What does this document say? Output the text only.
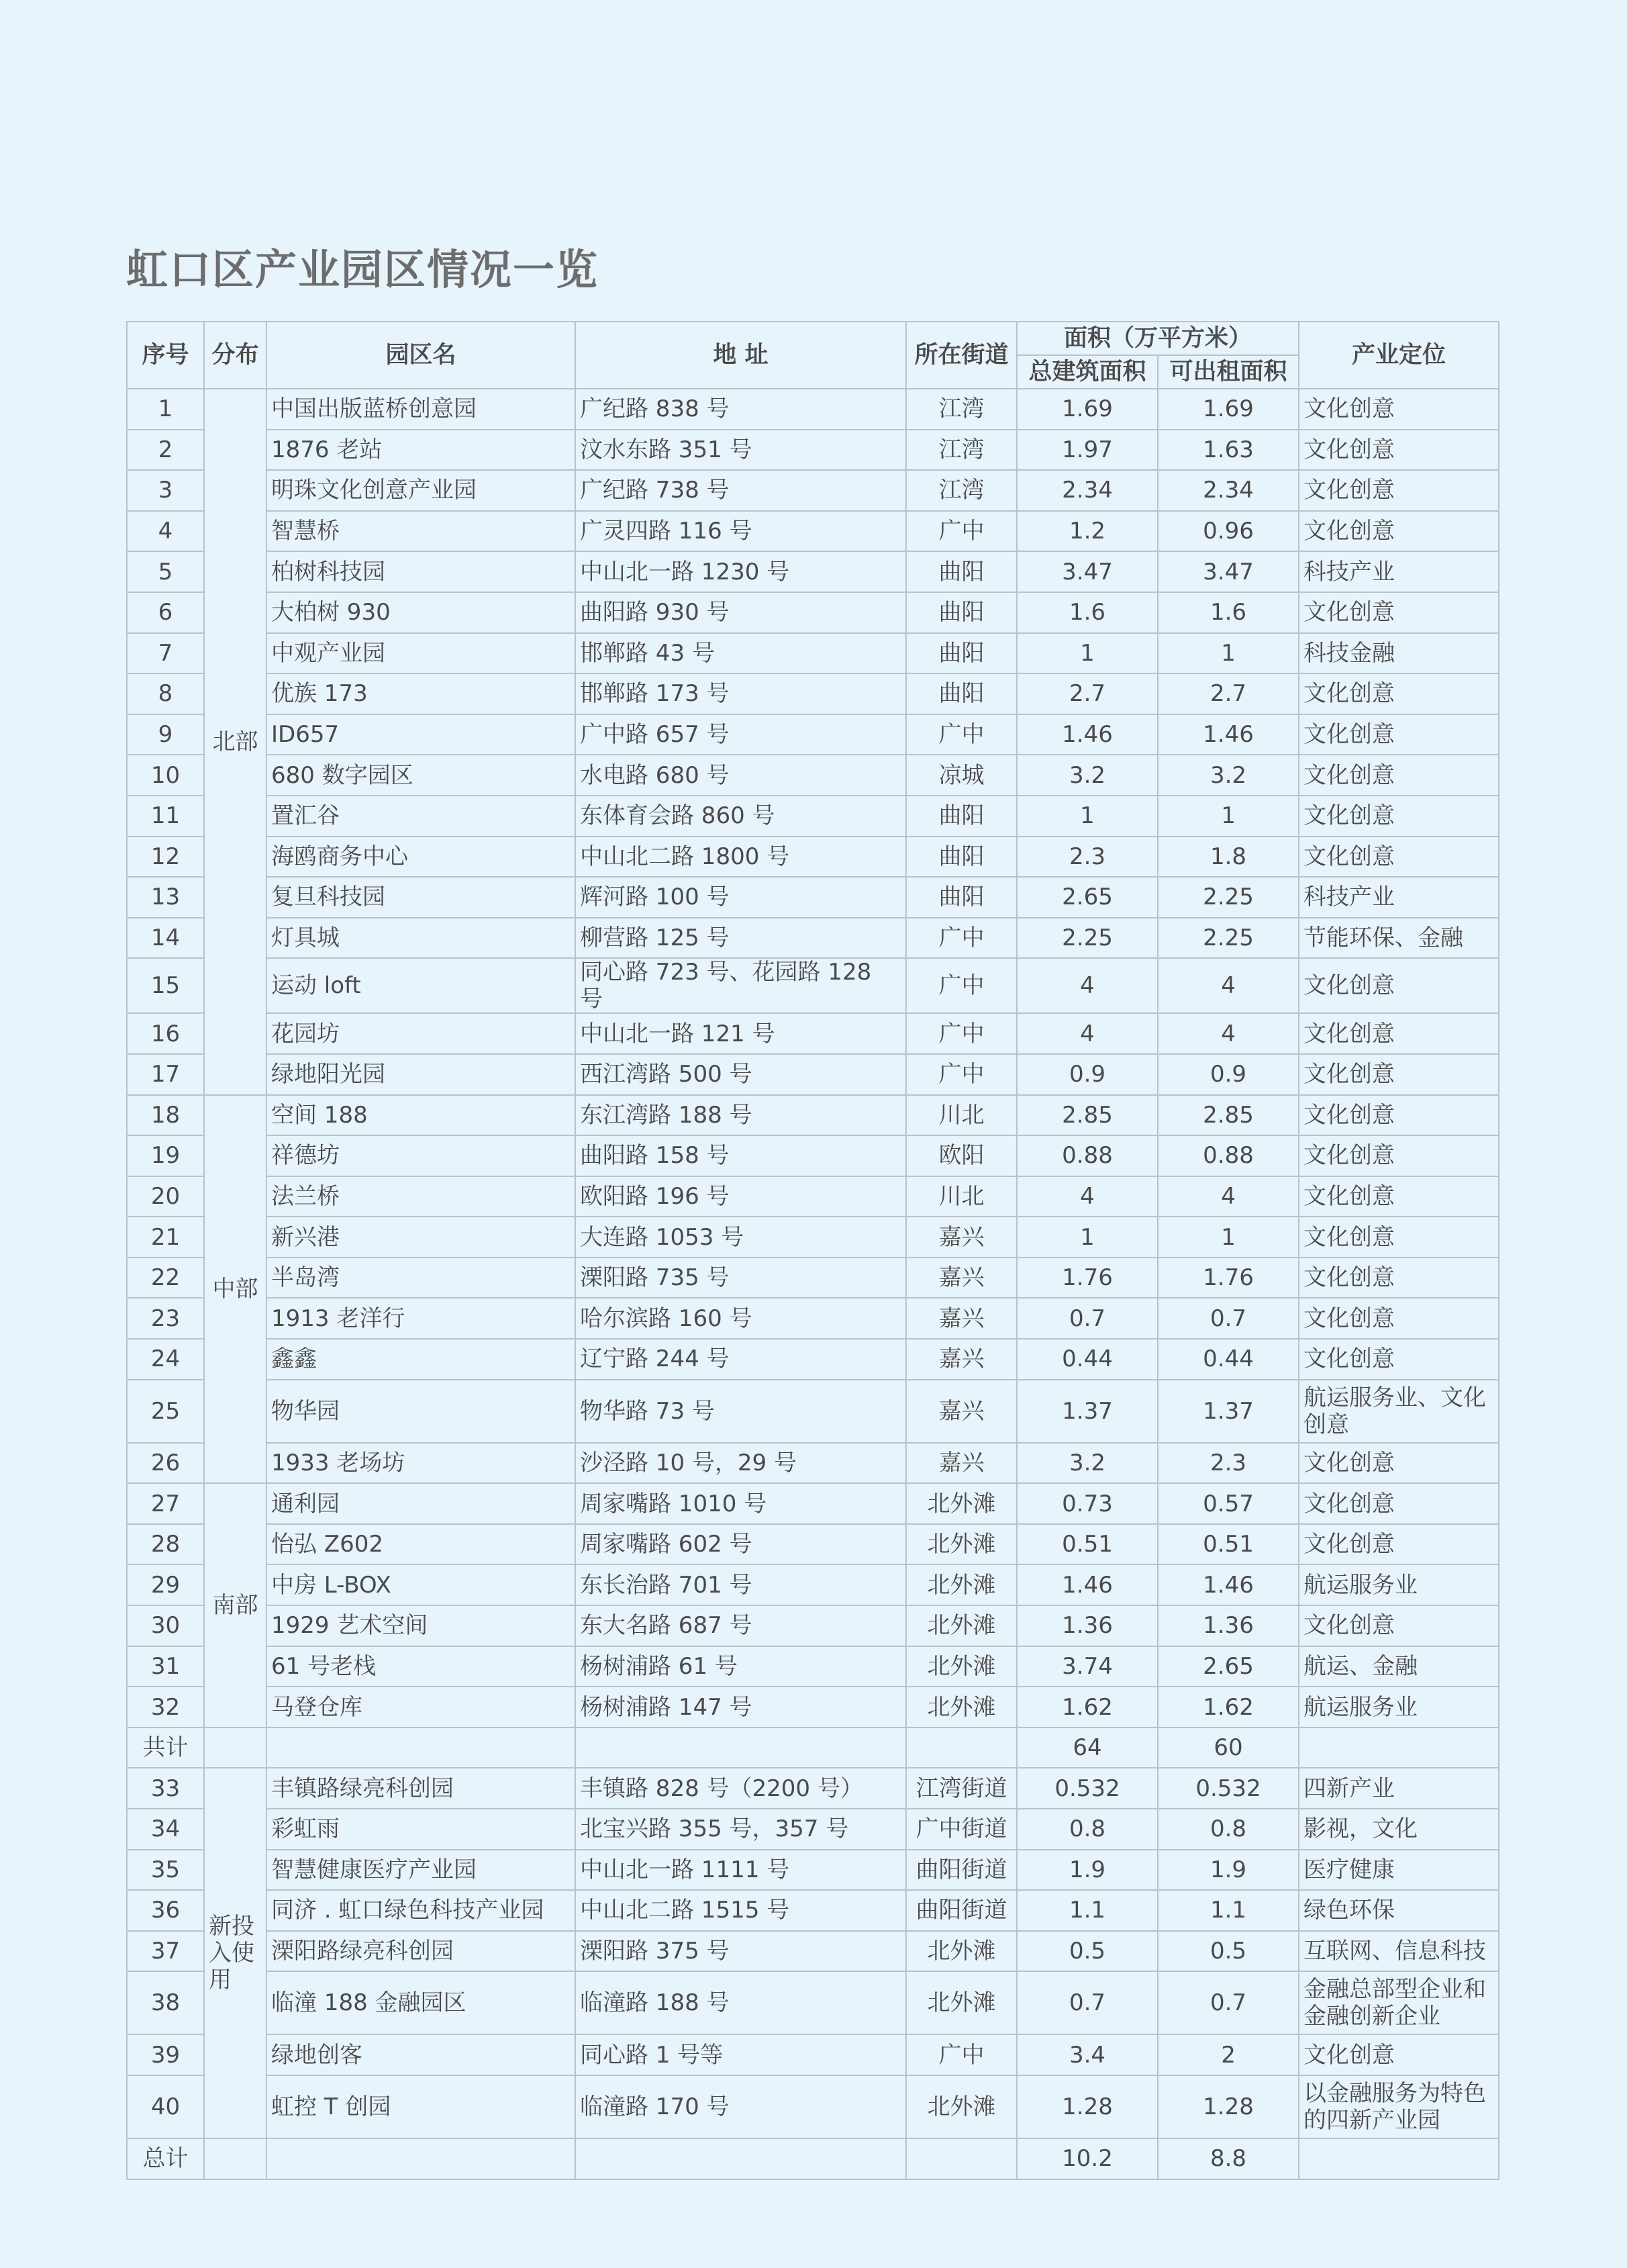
虹口区产业园区情况一览
序号	分布	园区名	地 址	所在街道	面积（万平方米）		产业定位
					总建筑面积	可出租面积	
1	北部	中国出版蓝桥创意园	广纪路 838 号	江湾	1.69	1.69	文化创意
2		1876 老站	汶水东路 351 号	江湾	1.97	1.63	文化创意
3		明珠文化创意产业园	广纪路 738 号	江湾	2.34	2.34	文化创意
4		智慧桥	广灵四路 116 号	广中	1.2	0.96	文化创意
5		柏树科技园	中山北一路 1230 号	曲阳	3.47	3.47	科技产业
6		大柏树 930	曲阳路 930 号	曲阳	1.6	1.6	文化创意
7		中观产业园	邯郸路 43 号	曲阳	1	1	科技金融
8		优族 173	邯郸路 173 号	曲阳	2.7	2.7	文化创意
9		ID657	广中路 657 号	广中	1.46	1.46	文化创意
10		680 数字园区	水电路 680 号	凉城	3.2	3.2	文化创意
11		置汇谷	东体育会路 860 号	曲阳	1	1	文化创意
12		海鸥商务中心	中山北二路 1800 号	曲阳	2.3	1.8	文化创意
13		复旦科技园	辉河路 100 号	曲阳	2.65	2.25	科技产业
14		灯具城	柳营路 125 号	广中	2.25	2.25	节能环保、金融
15		运动 loft	同心路 723 号、花园路 128 号	广中	4	4	文化创意
16		花园坊	中山北一路 121 号	广中	4	4	文化创意
17		绿地阳光园	西江湾路 500 号	广中	0.9	0.9	文化创意
18	中部	空间 188	东江湾路 188 号	川北	2.85	2.85	文化创意
19		祥德坊	曲阳路 158 号	欧阳	0.88	0.88	文化创意
20		法兰桥	欧阳路 196 号	川北	4	4	文化创意
21		新兴港	大连路 1053 号	嘉兴	1	1	文化创意
22		半岛湾	溧阳路 735 号	嘉兴	1.76	1.76	文化创意
23		1913 老洋行	哈尔滨路 160 号	嘉兴	0.7	0.7	文化创意
24		鑫鑫	辽宁路 244 号	嘉兴	0.44	0.44	文化创意
25		物华园	物华路 73 号	嘉兴	1.37	1.37	航运服务业、文化创意
26		1933 老场坊	沙泾路 10 号，29 号	嘉兴	3.2	2.3	文化创意
27	南部	通利园	周家嘴路 1010 号	北外滩	0.73	0.57	文化创意
28		怡弘 Z602	周家嘴路 602 号	北外滩	0.51	0.51	文化创意
29		中房 L-BOX	东长治路 701 号	北外滩	1.46	1.46	航运服务业
30		1929 艺术空间	东大名路 687 号	北外滩	1.36	1.36	文化创意
31		61 号老栈	杨树浦路 61 号	北外滩	3.74	2.65	航运、金融
32		马登仓库	杨树浦路 147 号	北外滩	1.62	1.62	航运服务业
共计					64	60	
33	新投入使用	丰镇路绿亮科创园	丰镇路 828 号（2200 号）	江湾街道	0.532	0.532	四新产业
34		彩虹雨	北宝兴路 355 号，357 号	广中街道	0.8	0.8	影视，文化
35		智慧健康医疗产业园	中山北一路 1111 号	曲阳街道	1.9	1.9	医疗健康
36		同济 . 虹口绿色科技产业园	中山北二路 1515 号	曲阳街道	1.1	1.1	绿色环保
37		溧阳路绿亮科创园	溧阳路 375 号	北外滩	0.5	0.5	互联网、信息科技
38		临潼 188 金融园区	临潼路 188 号	北外滩	0.7	0.7	金融总部型企业和金融创新企业
39		绿地创客	同心路 1 号等	广中	3.4	2	文化创意
40		虹控 T 创园	临潼路 170 号	北外滩	1.28	1.28	以金融服务为特色的四新产业园
总计					10.2	8.8	
